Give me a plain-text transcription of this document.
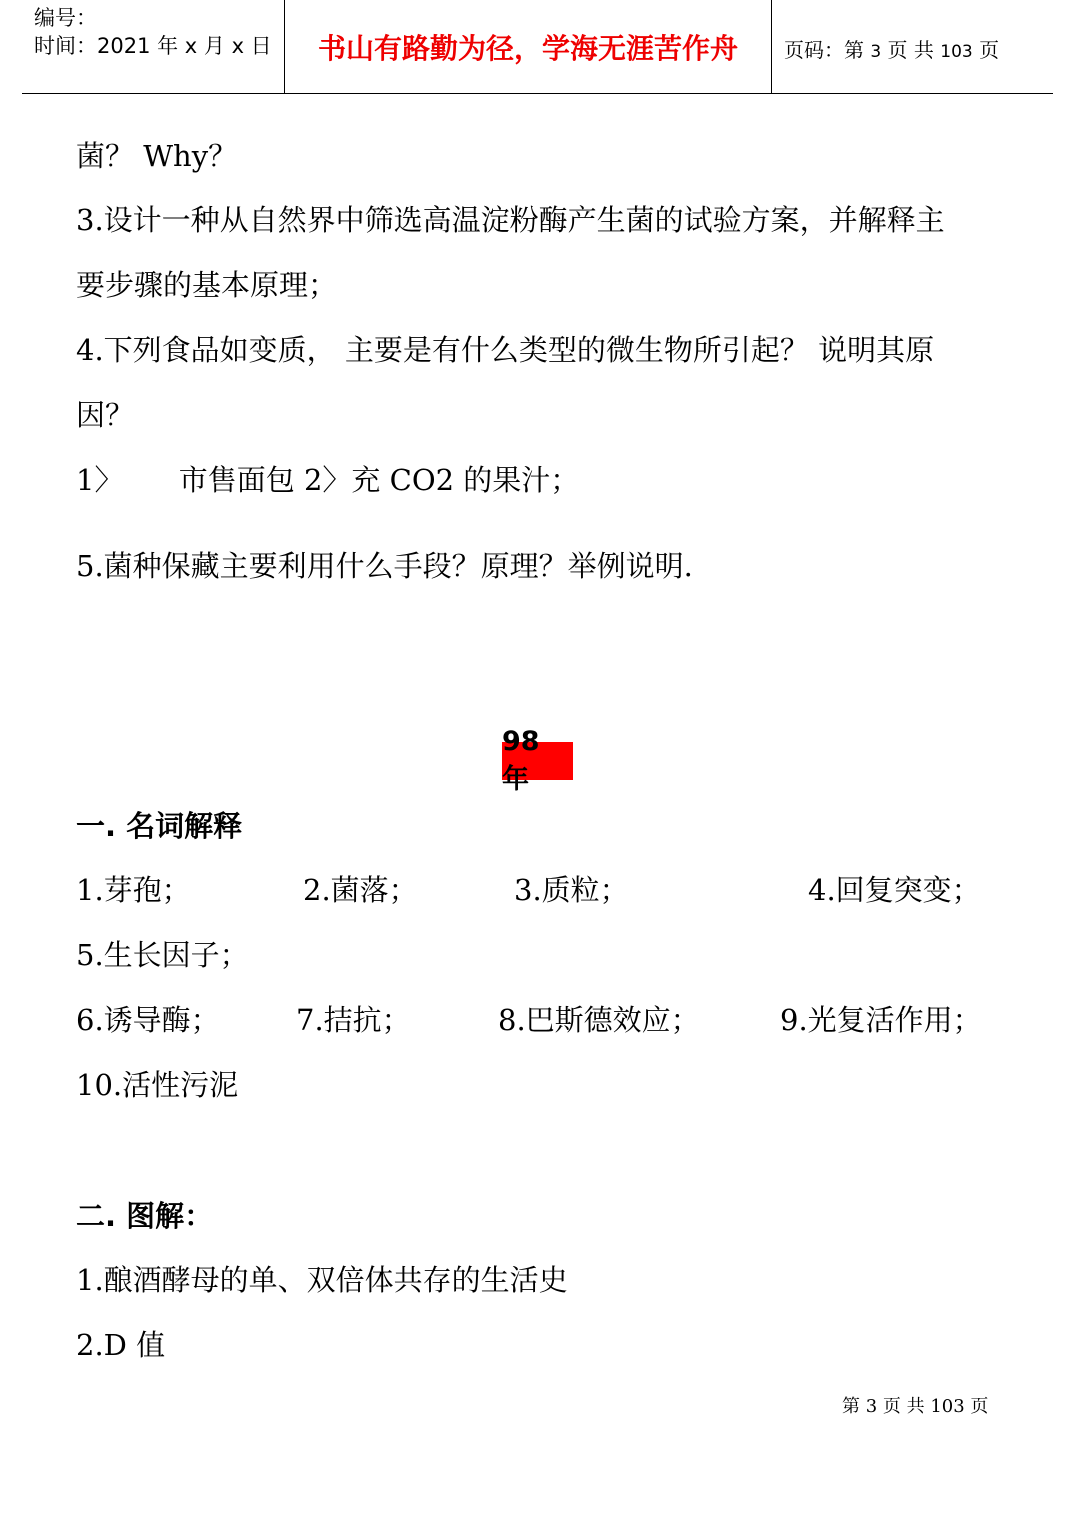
编号：
时间：2021 年 x 月 x 日	书山有路勤为径，学海无涯苦作舟	页码：第 3 页 共 103 页
菌？ Why？
3.设计一种从自然界中筛选高温淀粉酶产生菌的试验方案，并解释主
要步骤的基本原理；
4.下列食品如变质， 主要是有什么类型的微生物所引起？ 说明其原
因？
1〉      市售面包 2〉充 CO2 的果汁；
5.菌种保藏主要利用什么手段？原理？举例说明.
98 年
一. 名词解释
1.芽孢；	2.菌落；	3.质粒；	4.回复突变；
5.生长因子；
6.诱导酶；	7.拮抗；	8.巴斯德效应；	9.光复活作用；
10.活性污泥
二. 图解：
1.酿酒酵母的单、双倍体共存的生活史
2.D 值
第 3 页 共 103 页
